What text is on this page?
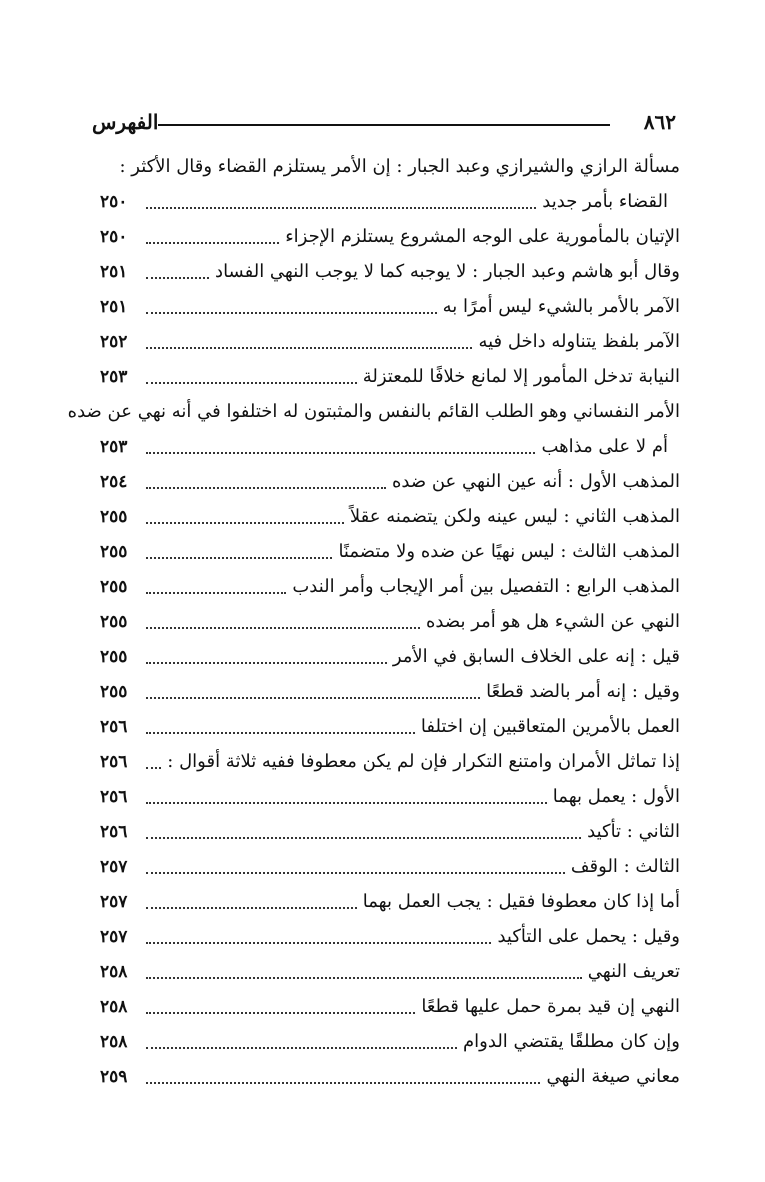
٨٦٢
الفهرس
مسألة الرازي والشيرازي وعبد الجبار : إن الأمر يستلزم القضاء وقال الأكثر :
القضاء بأمر جديد
٢٥٠
الإتيان بالمأمورية على الوجه المشروع يستلزم الإجزاء
٢٥٠
وقال أبو هاشم وعبد الجبار : لا يوجبه كما لا يوجب النهي الفساد
٢٥١
الآمر بالأمر بالشيء ليس أمرًا به
٢٥١
الآمر بلفظ يتناوله داخل فيه
٢٥٢
النيابة تدخل المأمور إلا لمانع خلافًا للمعتزلة
٢٥٣
الأمر النفساني وهو الطلب القائم بالنفس والمثبتون له اختلفوا في أنه نهي عن ضده
أم لا على مذاهب
٢٥٣
المذهب الأول : أنه عين النهي عن ضده
٢٥٤
المذهب الثاني : ليس عينه ولكن يتضمنه عقلاً
٢٥٥
المذهب الثالث : ليس نهيًا عن ضده ولا متضمنًا
٢٥٥
المذهب الرابع : التفصيل بين أمر الإيجاب وأمر الندب
٢٥٥
النهي عن الشيء هل هو أمر بضده
٢٥٥
قيل : إنه على الخلاف السابق في الأمر
٢٥٥
وقيل : إنه أمر بالضد قطعًا
٢٥٥
العمل بالأمرين المتعاقبين إن اختلفا
٢٥٦
إذا تماثل الأمران وامتنع التكرار فإن لم يكن معطوفا ففيه ثلاثة أقوال :
٢٥٦
الأول : يعمل بهما
٢٥٦
الثاني : تأكيد
٢٥٦
الثالث : الوقف
٢٥٧
أما إذا كان معطوفا فقيل : يجب العمل بهما
٢٥٧
وقيل : يحمل على التأكيد
٢٥٧
تعريف النهي
٢٥٨
النهي إن قيد بمرة حمل عليها قطعًا
٢٥٨
وإن كان مطلقًا يقتضي الدوام
٢٥٨
معاني صيغة النهي
٢٥٩
